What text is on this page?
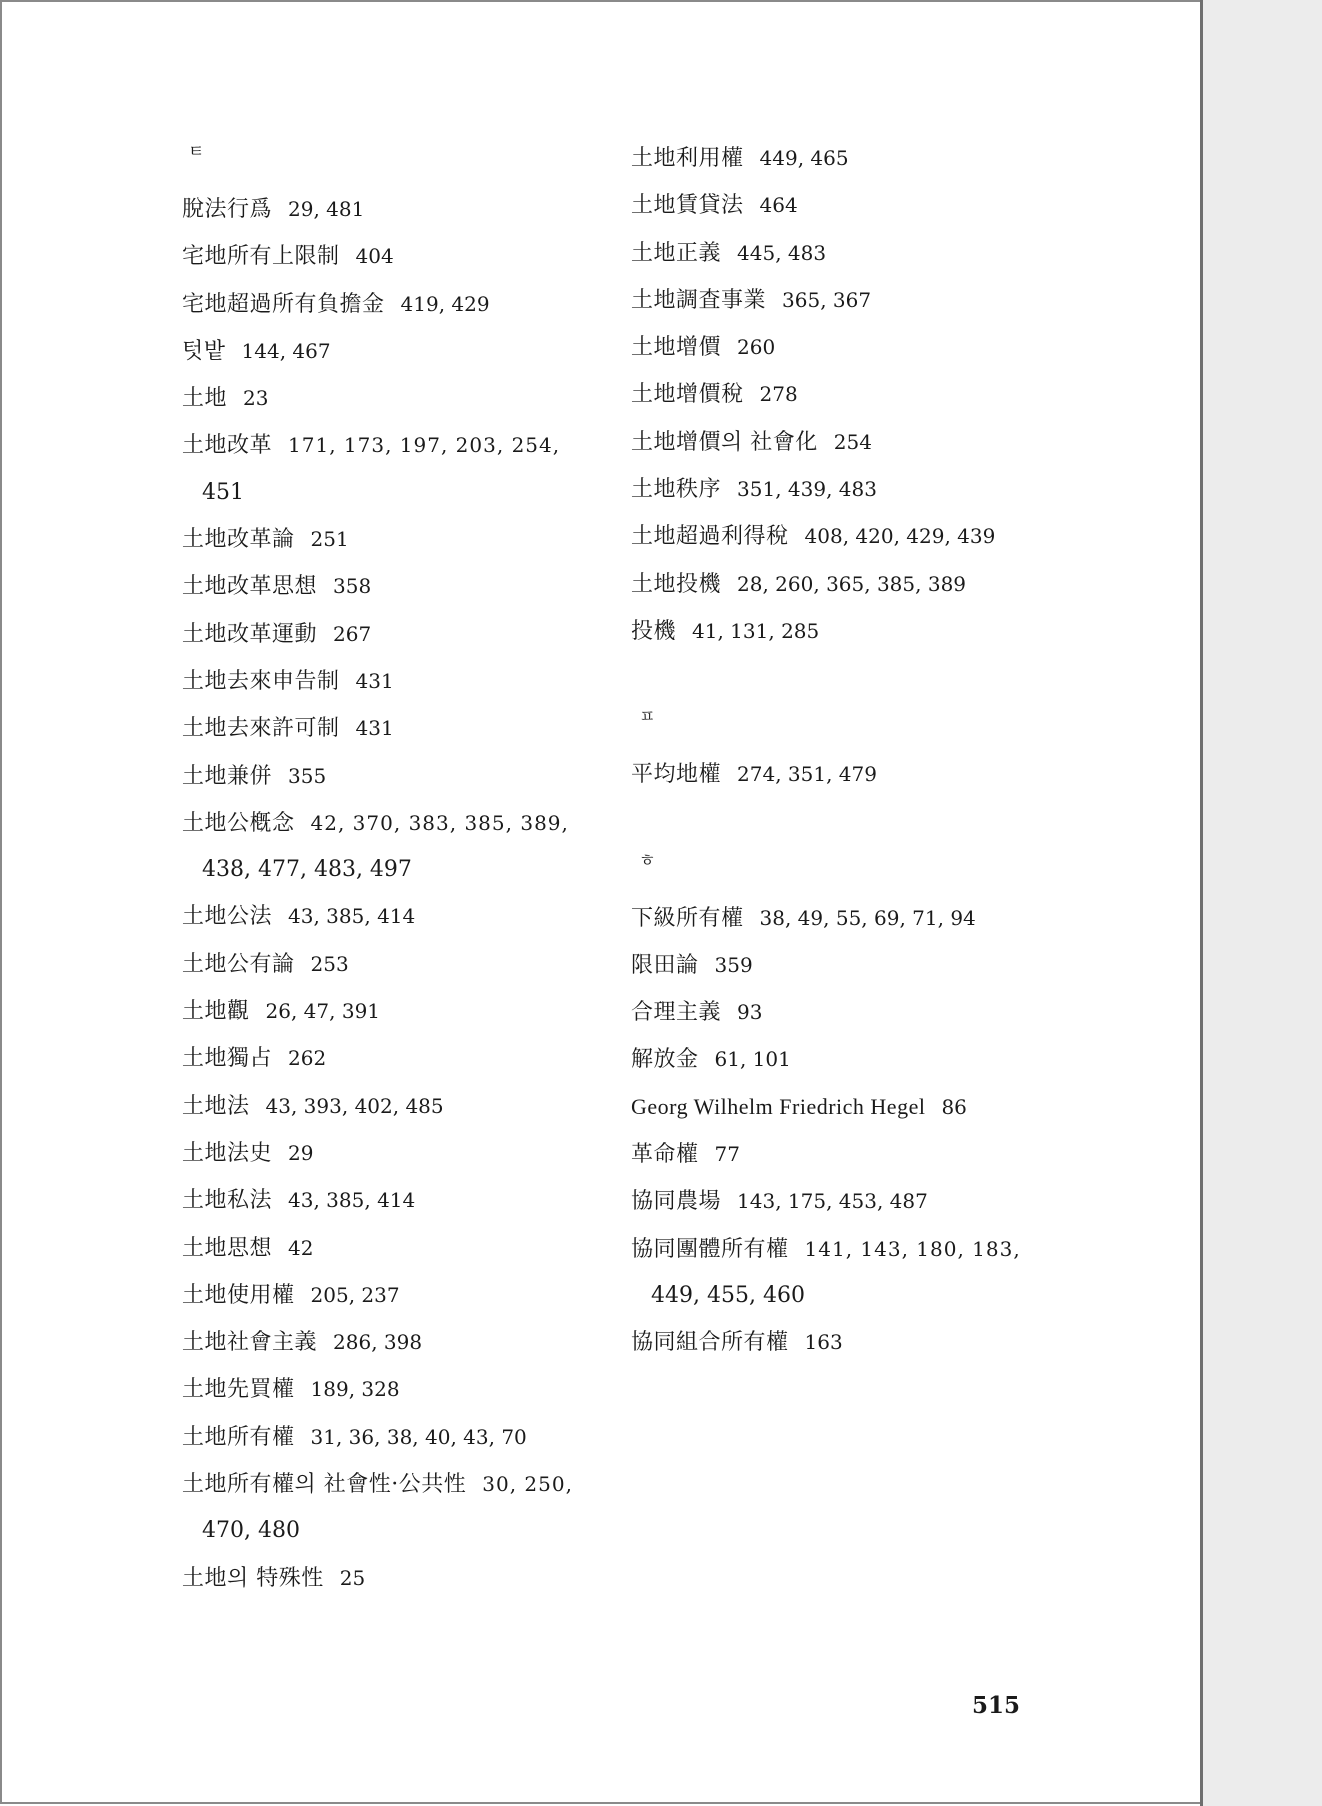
ㅌ
脫法行爲 29, 481
宅地所有上限制 404
宅地超過所有負擔金 419, 429
텃밭 144, 467
土地 23
土地改革 171, 173, 197, 203, 254,
451
土地改革論 251
土地改革思想 358
土地改革運動 267
土地去來申告制 431
土地去來許可制 431
土地兼併 355
土地公槪念 42, 370, 383, 385, 389,
438, 477, 483, 497
土地公法 43, 385, 414
土地公有論 253
土地觀 26, 47, 391
土地獨占 262
土地法 43, 393, 402, 485
土地法史 29
土地私法 43, 385, 414
土地思想 42
土地使用權 205, 237
土地社會主義 286, 398
土地先買權 189, 328
土地所有權 31, 36, 38, 40, 43, 70
土地所有權의 社會性·公共性 30, 250,
470, 480
土地의 特殊性 25
土地利用權 449, 465
土地賃貸法 464
土地正義 445, 483
土地調査事業 365, 367
土地增價 260
土地增價稅 278
土地增價의 社會化 254
土地秩序 351, 439, 483
土地超過利得稅 408, 420, 429, 439
土地投機 28, 260, 365, 385, 389
投機 41, 131, 285
ㅍ
平均地權 274, 351, 479
ㅎ
下級所有權 38, 49, 55, 69, 71, 94
限田論 359
合理主義 93
解放金 61, 101
Georg Wilhelm Friedrich Hegel 86
革命權 77
協同農場 143, 175, 453, 487
協同團體所有權 141, 143, 180, 183,
449, 455, 460
協同組合所有權 163
515
